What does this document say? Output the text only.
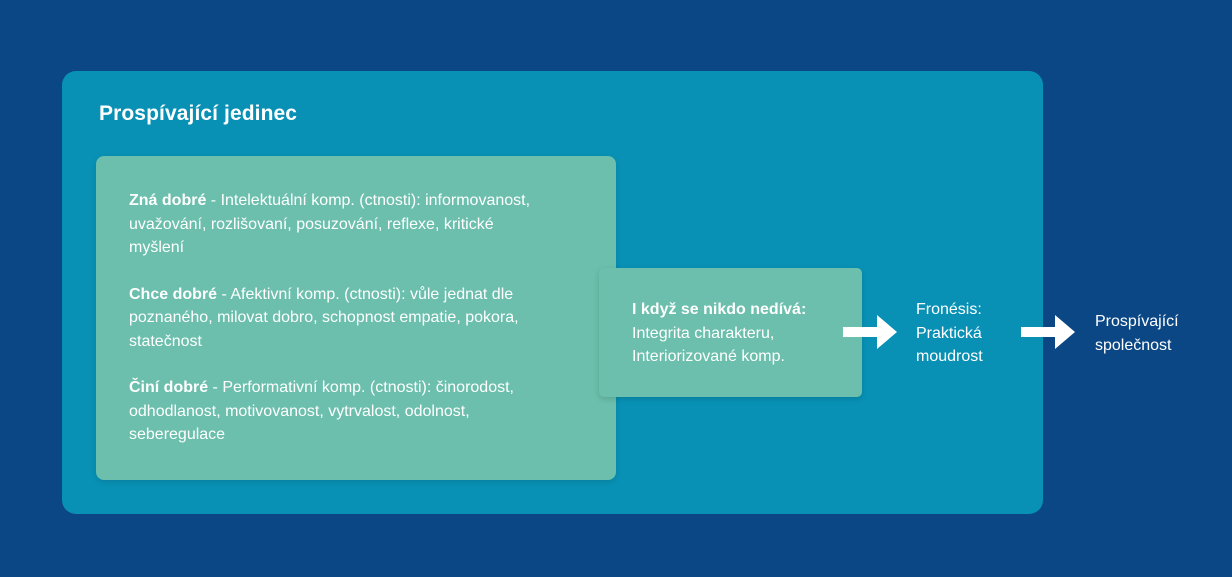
Prospívající jedinec

Zná dobré - Intelektuální komp. (ctnosti): informovanost,
uvažování, rozlišovaní, posuzování, reflexe, kritické
myšlení

Chce dobré - Afektivní komp. (ctnosti): vůle jednat dle
poznaného, milovat dobro, schopnost empatie, pokora,
statečnost

Činí dobré - Performativní komp. (ctnosti): činorodost,
odhodlanost, motivovanost, vytrvalost, odolnost,
seberegulace

I když se nikdo nedívá:
Integrita charakteru,
Interiorizované komp.
Fronésis:
Praktická
moudrost
Prospívající
společnost
